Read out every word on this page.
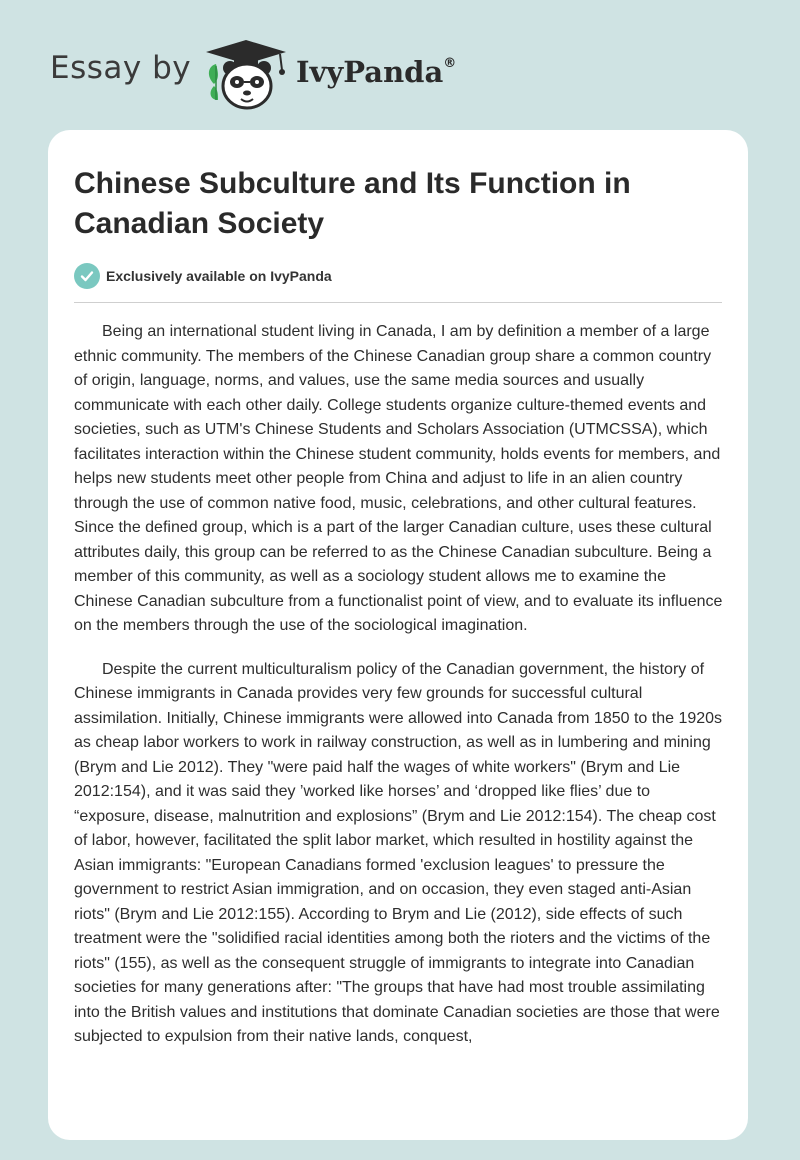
Essay by	IvyPanda®
Chinese Subculture and Its Function in Canadian Society
Exclusively available on IvyPanda

Being an international student living in Canada, I am by definition a member of a large ethnic community. The members of the Chinese Canadian group share a common country of origin, language, norms, and values, use the same media sources and usually communicate with each other daily. College students organize culture-themed events and societies, such as UTM's Chinese Students and Scholars Association (UTMCSSA), which facilitates interaction within the Chinese student community, holds events for members, and helps new students meet other people from China and adjust to life in an alien country through the use of common native food, music, celebrations, and other cultural features. Since the defined group, which is a part of the larger Canadian culture, uses these cultural attributes daily, this group can be referred to as the Chinese Canadian subculture. Being a member of this community, as well as a sociology student allows me to examine the Chinese Canadian subculture from a functionalist point of view, and to evaluate its influence on the members through the use of the sociological imagination.

Despite the current multiculturalism policy of the Canadian government, the history of Chinese immigrants in Canada provides very few grounds for successful cultural assimilation. Initially, Chinese immigrants were allowed into Canada from 1850 to the 1920s as cheap labor workers to work in railway construction, as well as in lumbering and mining (Brym and Lie 2012). They "were paid half the wages of white workers" (Brym and Lie 2012:154), and it was said they ’worked like horses’ and ‘dropped like flies’ due to “exposure, disease, malnutrition and explosions” (Brym and Lie 2012:154). The cheap cost of labor, however, facilitated the split labor market, which resulted in hostility against the Asian immigrants: "European Canadians formed 'exclusion leagues' to pressure the government to restrict Asian immigration, and on occasion, they even staged anti-Asian riots" (Brym and Lie 2012:155). According to Brym and Lie (2012), side effects of such treatment were the "solidified racial identities among both the rioters and the victims of the riots" (155), as well as the consequent struggle of immigrants to integrate into Canadian societies for many generations after: "The groups that have had most trouble assimilating into the British values and institutions that dominate Canadian societies are those that were subjected to expulsion from their native lands, conquest,
